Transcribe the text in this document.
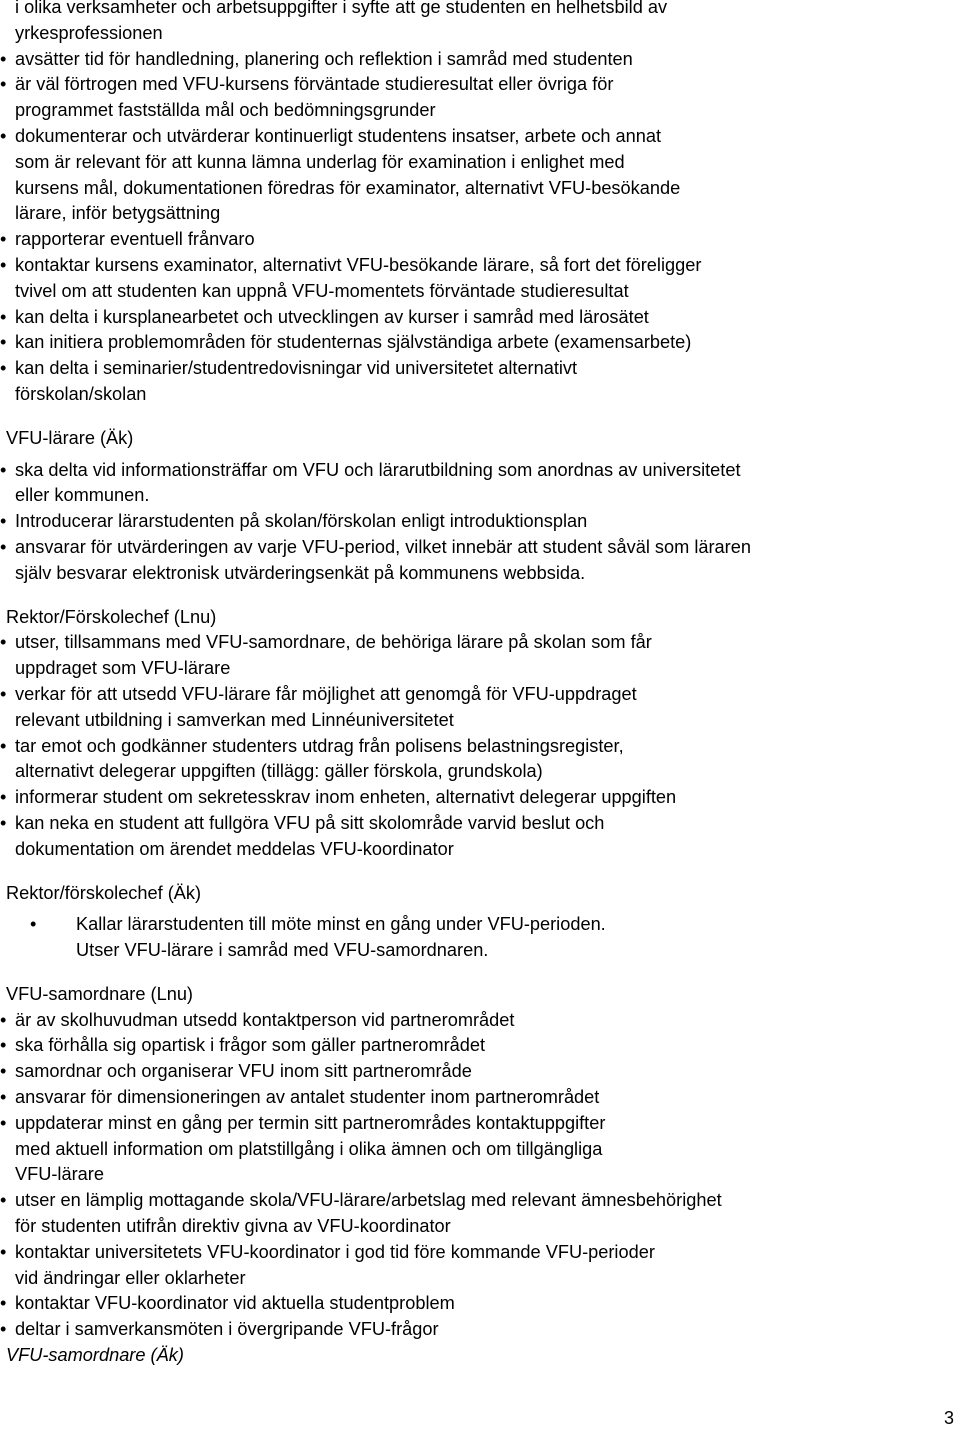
i olika verksamheter och arbetsuppgifter i syfte att ge studenten en helhetsbild av
yrkesprofessionen
• avsätter tid för handledning, planering och reflektion i samråd med studenten
• är väl förtrogen med VFU-kursens förväntade studieresultat eller övriga för
programmet fastställda mål och bedömningsgrunder
• dokumenterar och utvärderar kontinuerligt studentens insatser, arbete och annat
som är relevant för att kunna lämna underlag för examination i enlighet med
kursens mål, dokumentationen föredras för examinator, alternativt VFU-besökande
lärare, inför betygsättning
• rapporterar eventuell frånvaro
• kontaktar kursens examinator, alternativt VFU-besökande lärare, så fort det föreligger
tvivel om att studenten kan uppnå VFU-momentets förväntade studieresultat
• kan delta i kursplanearbetet och utvecklingen av kurser i samråd med lärosätet
• kan initiera problemområden för studenternas självständiga arbete (examensarbete)
• kan delta i seminarier/studentredovisningar vid universitetet alternativt
förskolan/skolan
VFU-lärare (Äk)
• ska delta vid informationsträffar om VFU och lärarutbildning som anordnas av universitetet
eller kommunen.
• Introducerar lärarstudenten på skolan/förskolan enligt introduktionsplan
• ansvarar för utvärderingen av varje VFU-period, vilket innebär att student såväl som läraren
själv besvarar elektronisk utvärderingsenkät på kommunens webbsida.
Rektor/Förskolechef (Lnu)
• utser, tillsammans med VFU-samordnare, de behöriga lärare på skolan som får
uppdraget som VFU-lärare
• verkar för att utsedd VFU-lärare får möjlighet att genomgå för VFU-uppdraget
relevant utbildning i samverkan med Linnéuniversitetet
• tar emot och godkänner studenters utdrag från polisens belastningsregister,
alternativt delegerar uppgiften (tillägg: gäller förskola, grundskola)
• informerar student om sekretesskrav inom enheten, alternativt delegerar uppgiften
• kan neka en student att fullgöra VFU på sitt skolområde varvid beslut och
dokumentation om ärendet meddelas VFU-koordinator
Rektor/förskolechef (Äk)
•	Kallar lärarstudenten till möte minst en gång under VFU-perioden.
Utser VFU-lärare i samråd med VFU-samordnaren.
VFU-samordnare (Lnu)
• är av skolhuvudman utsedd kontaktperson vid partnerområdet
• ska förhålla sig opartisk i frågor som gäller partnerområdet
• samordnar och organiserar VFU inom sitt partnerområde
• ansvarar för dimensioneringen av antalet studenter inom partnerområdet
• uppdaterar minst en gång per termin sitt partnerområdes kontaktuppgifter
med aktuell information om platstillgång i olika ämnen och om tillgängliga
VFU-lärare
• utser en lämplig mottagande skola/VFU-lärare/arbetslag med relevant ämnesbehörighet
för studenten utifrån direktiv givna av VFU-koordinator
• kontaktar universitetets VFU-koordinator i god tid före kommande VFU-perioder
vid ändringar eller oklarheter
• kontaktar VFU-koordinator vid aktuella studentproblem
• deltar i samverkansmöten i övergripande VFU-frågor
VFU-samordnare (Äk)
3
